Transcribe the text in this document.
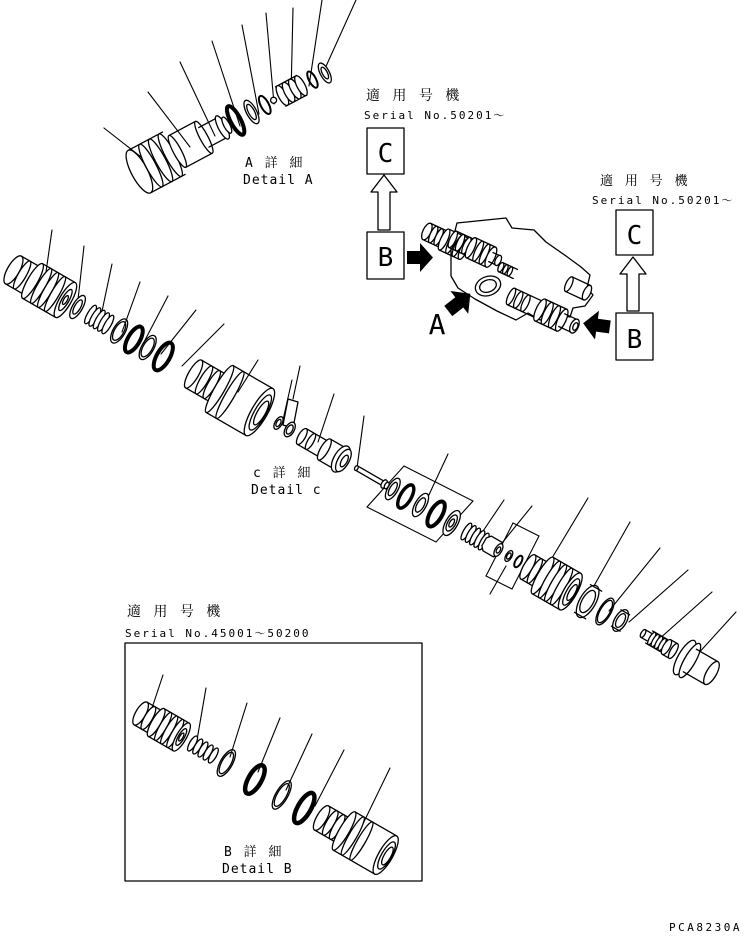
A 詳 細
Detail A
適 用 号 機
Serial No.50201～
C
B
適 用 号 機
Serial No.50201～
C
B
A
c 詳 細
Detail c
適 用 号 機
Serial No.45001～50200
B 詳 細
Detail B
PCA8230A
